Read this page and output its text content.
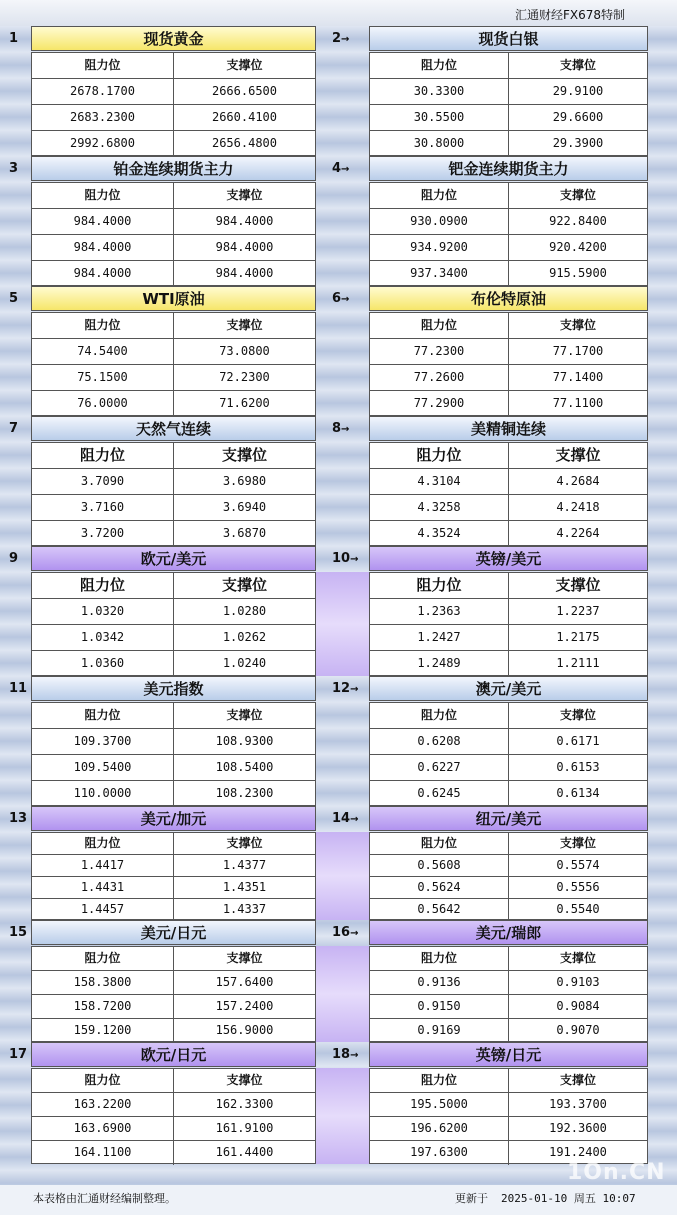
汇通财经FX678特制
1	现货黄金	2→	现货白银
阻力位	支撑位
2678.1700	2666.6500
2683.2300	2660.4100
2992.6800	2656.4800
阻力位	支撑位
30.3300	29.9100
30.5500	29.6600
30.8000	29.3900
3	铂金连续期货主力	4→	钯金连续期货主力
阻力位	支撑位
984.4000	984.4000
984.4000	984.4000
984.4000	984.4000
阻力位	支撑位
930.0900	922.8400
934.9200	920.4200
937.3400	915.5900
5	WTI原油	6→	布伦特原油
阻力位	支撑位
74.5400	73.0800
75.1500	72.2300
76.0000	71.6200
阻力位	支撑位
77.2300	77.1700
77.2600	77.1400
77.2900	77.1100
7	天然气连续	8→	美精铜连续
阻力位	支撑位
3.7090	3.6980
3.7160	3.6940
3.7200	3.6870
阻力位	支撑位
4.3104	4.2684
4.3258	4.2418
4.3524	4.2264
9	欧元/美元	10→	英镑/美元
阻力位	支撑位
1.0320	1.0280
1.0342	1.0262
1.0360	1.0240
阻力位	支撑位
1.2363	1.2237
1.2427	1.2175
1.2489	1.2111
11	美元指数	12→	澳元/美元
阻力位	支撑位
109.3700	108.9300
109.5400	108.5400
110.0000	108.2300
阻力位	支撑位
0.6208	0.6171
0.6227	0.6153
0.6245	0.6134
13	美元/加元	14→	纽元/美元
阻力位	支撑位
1.4417	1.4377
1.4431	1.4351
1.4457	1.4337
阻力位	支撑位
0.5608	0.5574
0.5624	0.5556
0.5642	0.5540
15	美元/日元	16→	美元/瑞郎
阻力位	支撑位
158.3800	157.6400
158.7200	157.2400
159.1200	156.9000
阻力位	支撑位
0.9136	0.9103
0.9150	0.9084
0.9169	0.9070
17	欧元/日元	18→	英镑/日元
阻力位	支撑位
163.2200	162.3300
163.6900	161.9100
164.1100	161.4400
阻力位	支撑位
195.5000	193.3700
196.6200	192.3600
197.6300	191.2400
本表格由汇通财经编制整理。	更新于 2025-01-10 周五 10:07
1On.CN
